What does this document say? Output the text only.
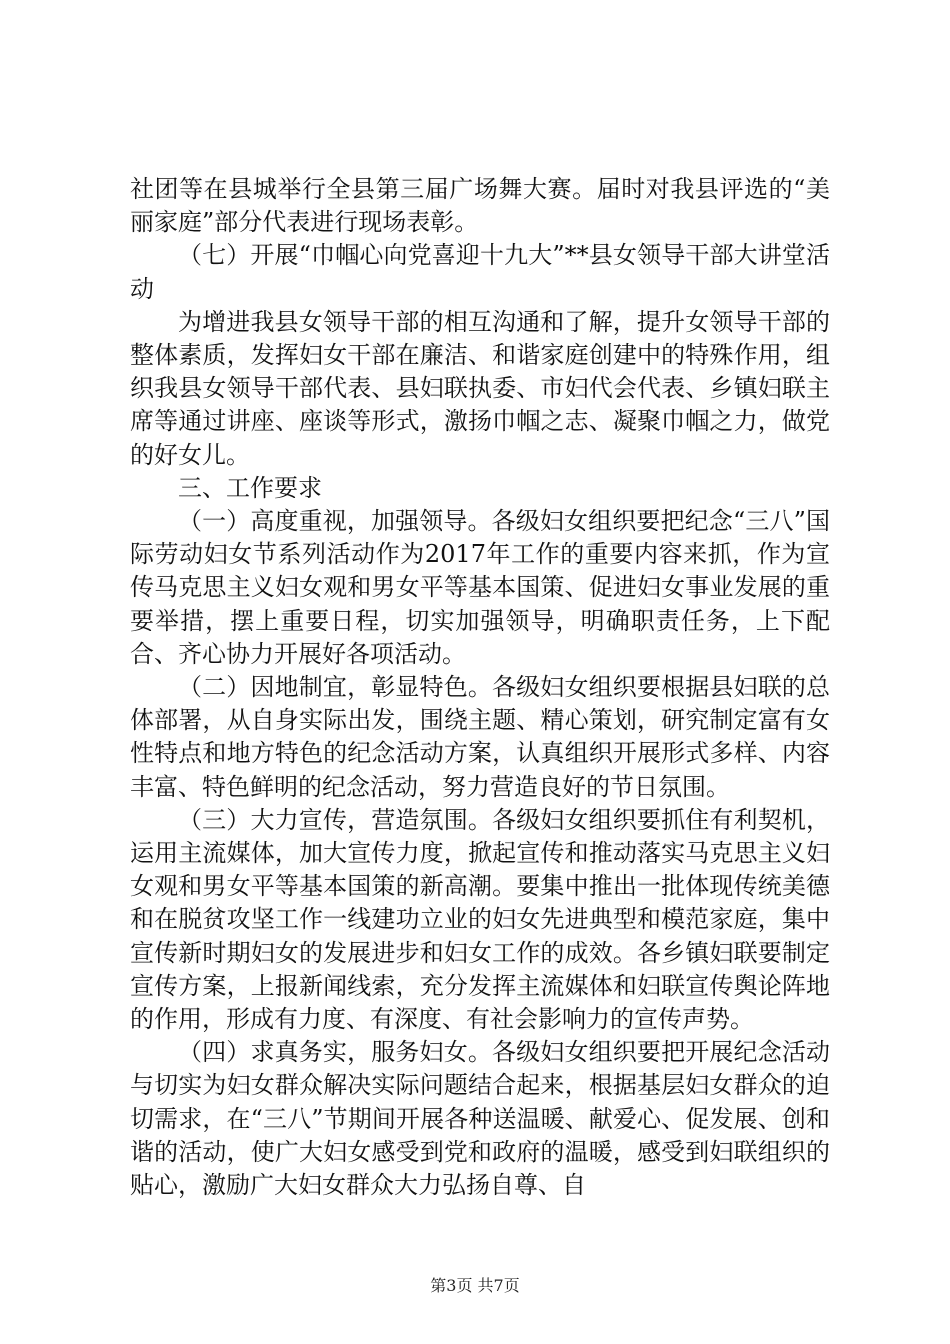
社团等在县城举行全县第三届广场舞大赛。届时对我县评选的“美丽家庭”部分代表进行现场表彰。

（七）开展“巾帼心向党喜迎十九大”**县女领导干部大讲堂活动

为增进我县女领导干部的相互沟通和了解，提升女领导干部的整体素质，发挥妇女干部在廉洁、和谐家庭创建中的特殊作用，组织我县女领导干部代表、县妇联执委、市妇代会代表、乡镇妇联主席等通过讲座、座谈等形式，激扬巾帼之志、凝聚巾帼之力，做党的好女儿。

三、工作要求

（一）高度重视，加强领导。各级妇女组织要把纪念“三八”国际劳动妇女节系列活动作为2017年工作的重要内容来抓，作为宣传马克思主义妇女观和男女平等基本国策、促进妇女事业发展的重要举措，摆上重要日程，切实加强领导，明确职责任务，上下配合、齐心协力开展好各项活动。

（二）因地制宜，彰显特色。各级妇女组织要根据县妇联的总体部署，从自身实际出发，围绕主题、精心策划，研究制定富有女性特点和地方特色的纪念活动方案，认真组织开展形式多样、内容丰富、特色鲜明的纪念活动，努力营造良好的节日氛围。

（三）大力宣传，营造氛围。各级妇女组织要抓住有利契机，运用主流媒体，加大宣传力度，掀起宣传和推动落实马克思主义妇女观和男女平等基本国策的新高潮。要集中推出一批体现传统美德和在脱贫攻坚工作一线建功立业的妇女先进典型和模范家庭，集中宣传新时期妇女的发展进步和妇女工作的成效。各乡镇妇联要制定宣传方案，上报新闻线索，充分发挥主流媒体和妇联宣传舆论阵地的作用，形成有力度、有深度、有社会影响力的宣传声势。

（四）求真务实，服务妇女。各级妇女组织要把开展纪念活动与切实为妇女群众解决实际问题结合起来，根据基层妇女群众的迫切需求，在“三八”节期间开展各种送温暖、献爱心、促发展、创和谐的活动，使广大妇女感受到党和政府的温暖，感受到妇联组织的贴心，激励广大妇女群众大力弘扬自尊、自

第3页 共7页
